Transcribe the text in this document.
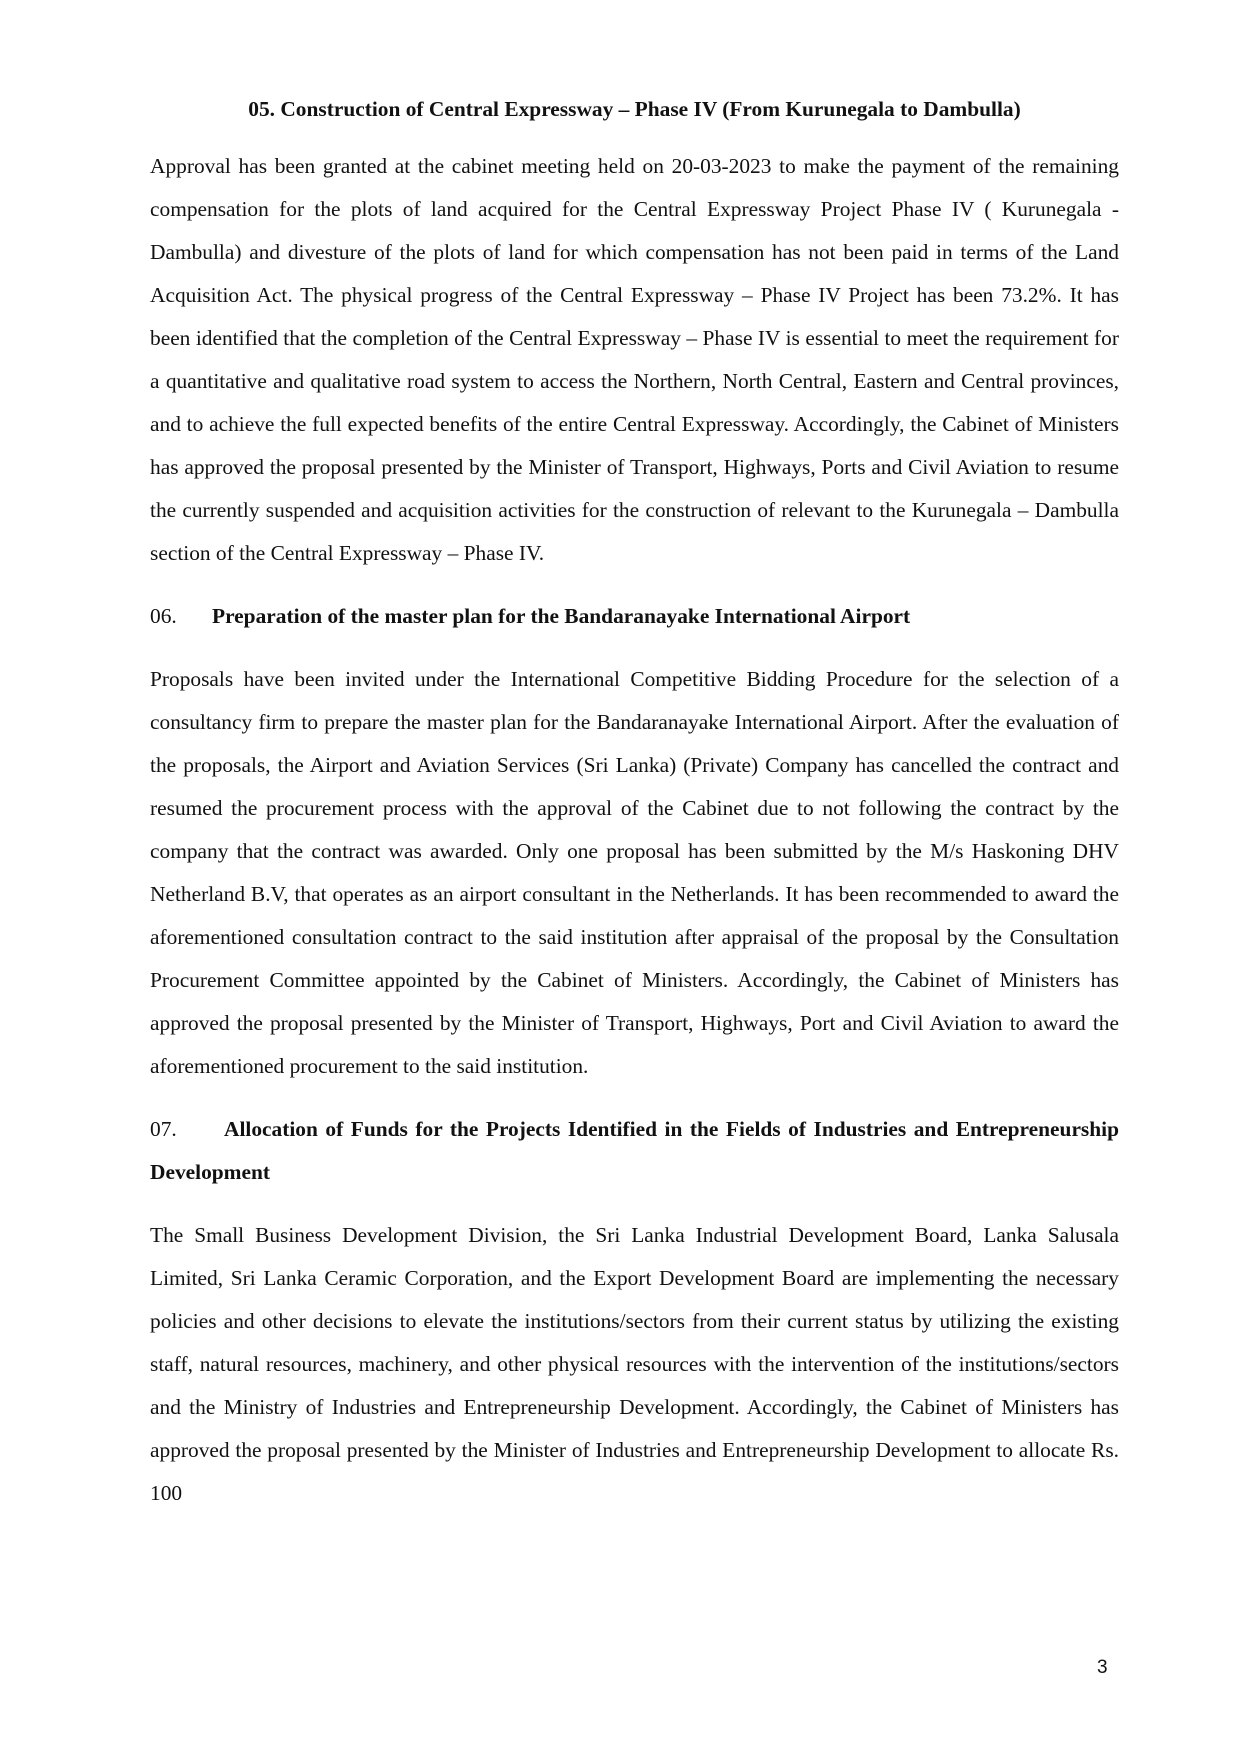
05. Construction of Central Expressway – Phase IV (From Kurunegala to Dambulla)

Approval has been granted at the cabinet meeting held on 20-03-2023 to make the payment of the remaining compensation for the plots of land acquired for the Central Expressway Project Phase IV ( Kurunegala - Dambulla) and divesture of the plots of land for which compensation has not been paid in terms of the Land Acquisition Act. The physical progress of the Central Expressway – Phase IV Project has been 73.2%. It has been identified that the completion of the Central Expressway – Phase IV is essential to meet the requirement for a quantitative and qualitative road system to access the Northern, North Central, Eastern and Central provinces, and to achieve the full expected benefits of the entire Central Expressway. Accordingly, the Cabinet of Ministers has approved the proposal presented by the Minister of Transport, Highways, Ports and Civil Aviation to resume the currently suspended and acquisition activities for the construction of relevant to the Kurunegala – Dambulla section of the Central Expressway – Phase IV.

06. Preparation of the master plan for the Bandaranayake International Airport

Proposals have been invited under the International Competitive Bidding Procedure for the selection of a consultancy firm to prepare the master plan for the Bandaranayake International Airport. After the evaluation of the proposals, the Airport and Aviation Services (Sri Lanka) (Private) Company has cancelled the contract and resumed the procurement process with the approval of the Cabinet due to not following the contract by the company that the contract was awarded. Only one proposal has been submitted by the M/s Haskoning DHV Netherland B.V, that operates as an airport consultant in the Netherlands. It has been recommended to award the aforementioned consultation contract to the said institution after appraisal of the proposal by the Consultation Procurement Committee appointed by the Cabinet of Ministers. Accordingly, the Cabinet of Ministers has approved the proposal presented by the Minister of Transport, Highways, Port and Civil Aviation to award the aforementioned procurement to the said institution.

07. Allocation of Funds for the Projects Identified in the Fields of Industries and Entrepreneurship Development

The Small Business Development Division, the Sri Lanka Industrial Development Board, Lanka Salusala Limited, Sri Lanka Ceramic Corporation, and the Export Development Board are implementing the necessary policies and other decisions to elevate the institutions/sectors from their current status by utilizing the existing staff, natural resources, machinery, and other physical resources with the intervention of the institutions/sectors and the Ministry of Industries and Entrepreneurship Development. Accordingly, the Cabinet of Ministers has approved the proposal presented by the Minister of Industries and Entrepreneurship Development to allocate Rs. 100

3
